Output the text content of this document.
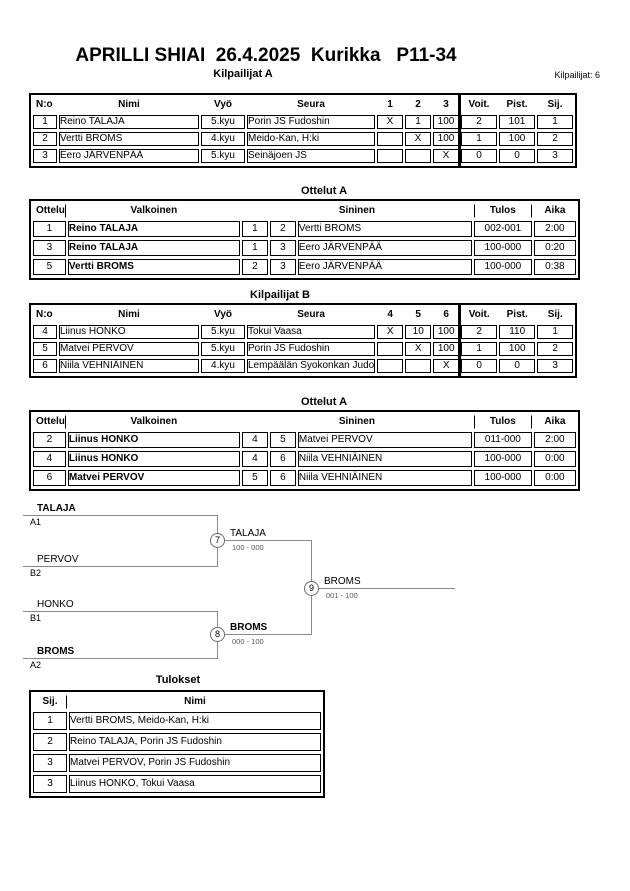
APRILLI SHIAI  26.4.2025  Kurikka   P11-34
Kilpailijat A	Kilpailijat: 6
N:o	Nimi	Vyö	Seura	1	2	3	Voit.	Pist.	Sij.
1	Reino TALAJA	5.kyu	Porin JS Fudoshin	X	1	100	2	101	1
2	Vertti BROMS	4.kyu	Meido-Kan, H:ki		X	100	1	100	2
3	Eero JÄRVENPÄÄ	5.kyu	Seinäjoen JS			X	0	0	3
Ottelut A
Ottelu	Valkoinen	Sininen			Tulos	Aika
1	Reino TALAJA	1	2	Vertti BROMS	002-001	2:00
3	Reino TALAJA	1	3	Eero JÄRVENPÄÄ	100-000	0:20
5	Vertti BROMS	2	3	Eero JÄRVENPÄÄ	100-000	0:38
Kilpailijat B
N:o	Nimi	Vyö	Seura	4	5	6	Voit.	Pist.	Sij.
4	Liinus HONKO	5.kyu	Tokui Vaasa	X	10	100	2	110	1
5	Matvei PERVOV	5.kyu	Porin JS Fudoshin		X	100	1	100	2
6	Niila VEHNIÄINEN	4.kyu	Lempäälän Syokonkan Judo			X	0	0	3
Ottelut A
Ottelu	Valkoinen	Sininen			Tulos	Aika
2	Liinus HONKO	4	5	Matvei PERVOV	011-000	2:00
4	Liinus HONKO	4	6	Niila VEHNIÄINEN	100-000	0:00
6	Matvei PERVOV	5	6	Niila VEHNIÄINEN	100-000	0:00
7
8
9
TALAJA
A1
PERVOV
B2
HONKO
B1
BROMS
A2
TALAJA
100 - 000
BROMS
000 - 100
BROMS
001 - 100
Tulokset
Sij.	Nimi
1	Vertti BROMS, Meido-Kan, H:ki
2	Reino TALAJA, Porin JS Fudoshin
3	Matvei PERVOV, Porin JS Fudoshin
3	Liinus HONKO, Tokui Vaasa
